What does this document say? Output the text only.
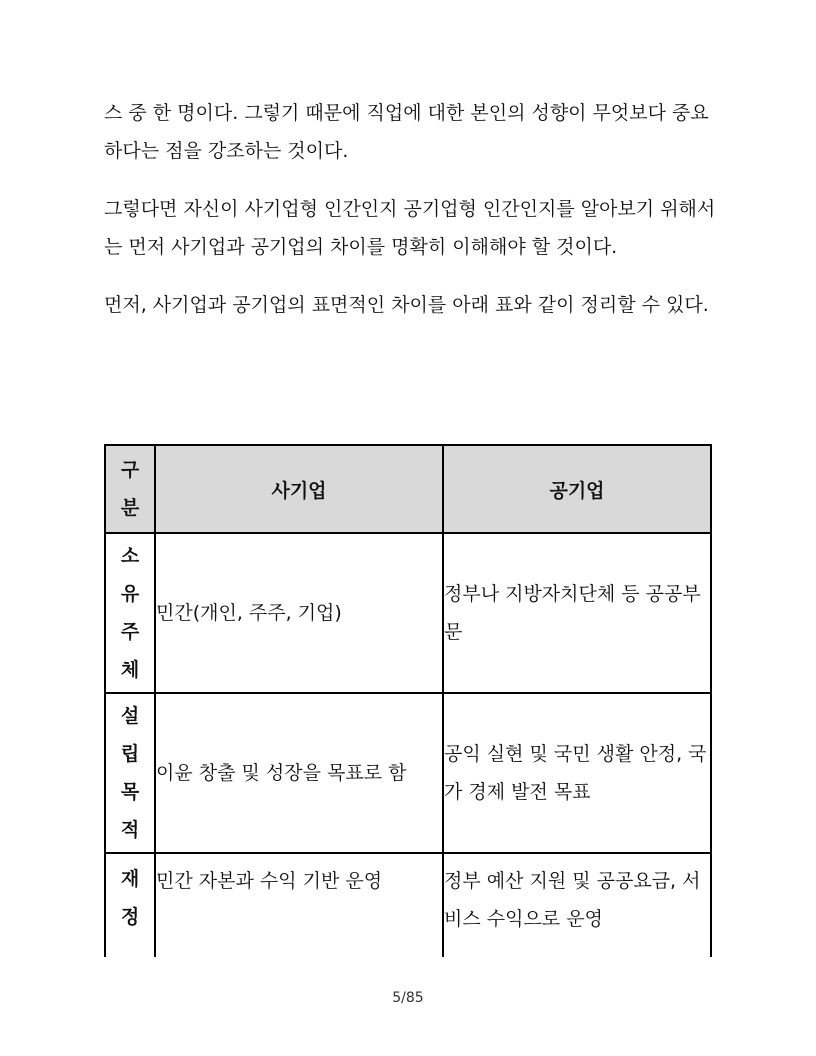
스 중 한 명이다. 그렇기 때문에 직업에 대한 본인의 성향이 무엇보다 중요하다는 점을 강조하는 것이다.

그렇다면 자신이 사기업형 인간인지 공기업형 인간인지를 알아보기 위해서는 먼저 사기업과 공기업의 차이를 명확히 이해해야 할 것이다.

먼저, 사기업과 공기업의 표면적인 차이를 아래 표와 같이 정리할 수 있다.

구
분	사기업	공기업

소
유
주
체	민간(개인, 주주, 기업)	정부나 지방자치단체 등 공공부문

설
립
목
적	이윤 창출 및 성장을 목표로 함	공익 실현 및 국민 생활 안정, 국가 경제 발전 목표

재
정	민간 자본과 수익 기반 운영	정부 예산 지원 및 공공요금, 서비스 수익으로 운영
5/85
